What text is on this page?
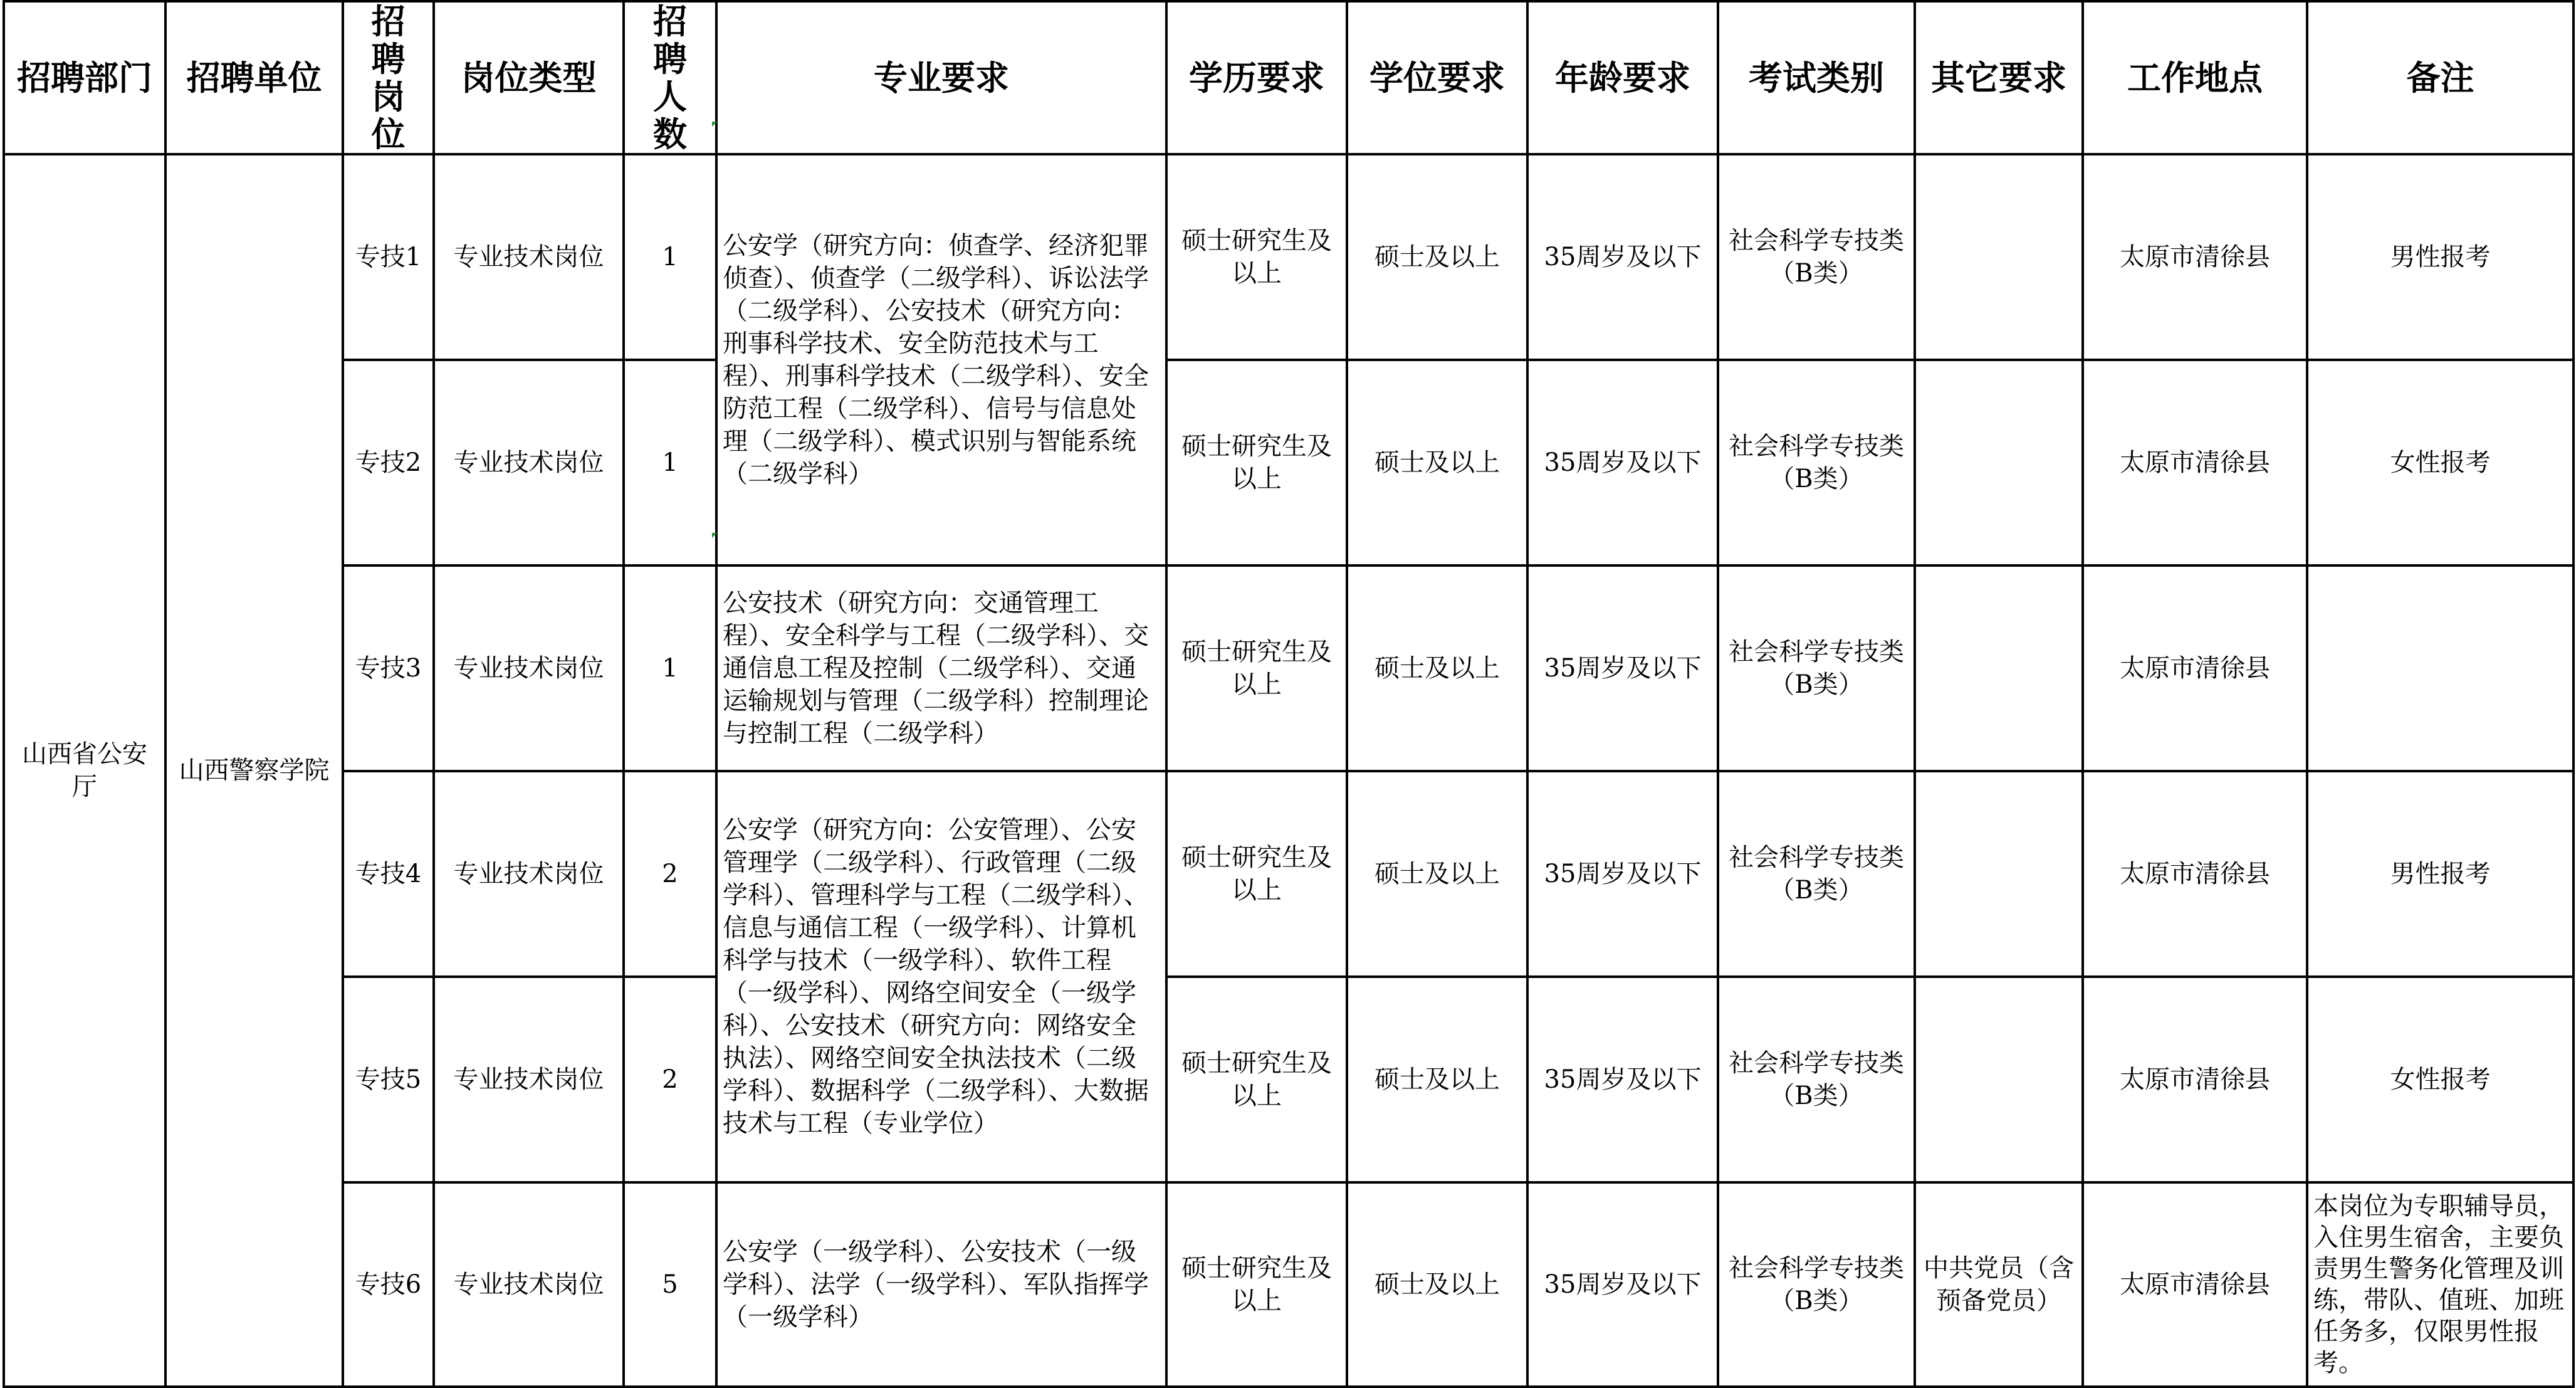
招聘部门	招聘单位	招聘岗位	岗位类型	招聘人数	专业要求	学历要求	学位要求	年龄要求	考试类别	其它要求	工作地点	备注
山西省公安厅	山西警察学院	专技1	专业技术岗位	1	公安学（研究方向：侦查学、经济犯罪侦查）、侦查学（二级学科）、诉讼法学（二级学科）、公安技术（研究方向：刑事科学技术、安全防范技术与工程）、刑事科学技术（二级学科）、安全防范工程（二级学科）、信号与信息处理（二级学科）、模式识别与智能系统（二级学科）	硕士研究生及以上	硕士及以上	35周岁及以下	社会科学专技类（B类）		太原市清徐县	男性报考
		专技2	专业技术岗位	1		硕士研究生及以上	硕士及以上	35周岁及以下	社会科学专技类（B类）		太原市清徐县	女性报考
		专技3	专业技术岗位	1	公安技术（研究方向：交通管理工程）、安全科学与工程（二级学科）、交通信息工程及控制（二级学科）、交通运输规划与管理（二级学科）控制理论与控制工程（二级学科）	硕士研究生及以上	硕士及以上	35周岁及以下	社会科学专技类（B类）		太原市清徐县	
		专技4	专业技术岗位	2	公安学（研究方向：公安管理）、公安管理学（二级学科）、行政管理（二级学科）、管理科学与工程（二级学科）、信息与通信工程（一级学科）、计算机科学与技术（一级学科）、软件工程（一级学科）、网络空间安全（一级学科）、公安技术（研究方向：网络安全执法）、网络空间安全执法技术（二级学科）、数据科学（二级学科）、大数据技术与工程（专业学位）	硕士研究生及以上	硕士及以上	35周岁及以下	社会科学专技类（B类）		太原市清徐县	男性报考
		专技5	专业技术岗位	2		硕士研究生及以上	硕士及以上	35周岁及以下	社会科学专技类（B类）		太原市清徐县	女性报考
		专技6	专业技术岗位	5	公安学（一级学科）、公安技术（一级学科）、法学（一级学科）、军队指挥学（一级学科）	硕士研究生及以上	硕士及以上	35周岁及以下	社会科学专技类（B类）	中共党员（含预备党员）	太原市清徐县	本岗位为专职辅导员，入住男生宿舍，主要负责男生警务化管理及训练，带队、值班、加班任务多，仅限男性报考。
